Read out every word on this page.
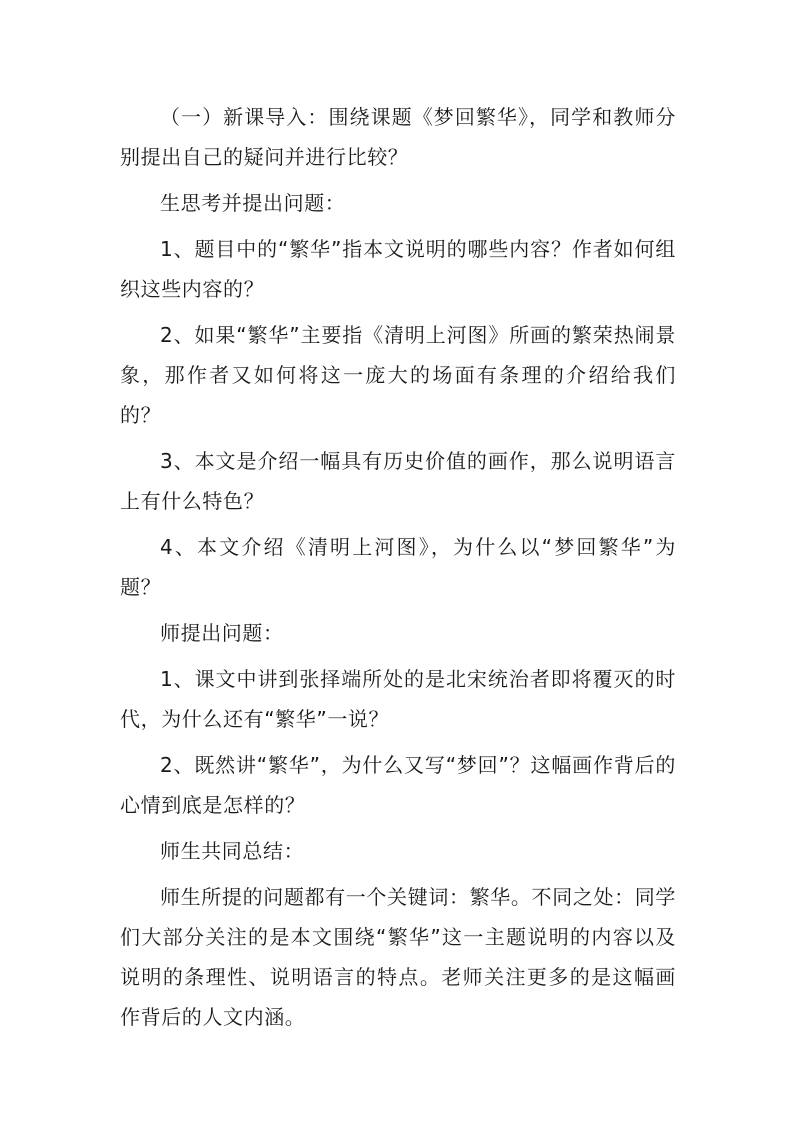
（一）新课导入：围绕课题《梦回繁华》，同学和教师分别提出自己的疑问并进行比较？

生思考并提出问题：

1、题目中的“繁华”指本文说明的哪些内容？作者如何组织这些内容的？

2、如果“繁华”主要指《清明上河图》所画的繁荣热闹景象，那作者又如何将这一庞大的场面有条理的介绍给我们的？

3、本文是介绍一幅具有历史价值的画作，那么说明语言上有什么特色？

4、本文介绍《清明上河图》，为什么以“梦回繁华”为题？

师提出问题：

1、课文中讲到张择端所处的是北宋统治者即将覆灭的时代，为什么还有“繁华”一说？

2、既然讲“繁华”，为什么又写“梦回”？这幅画作背后的心情到底是怎样的？

师生共同总结：

师生所提的问题都有一个关键词：繁华。不同之处：同学们大部分关注的是本文围绕“繁华”这一主题说明的内容以及说明的条理性、说明语言的特点。老师关注更多的是这幅画作背后的人文内涵。
